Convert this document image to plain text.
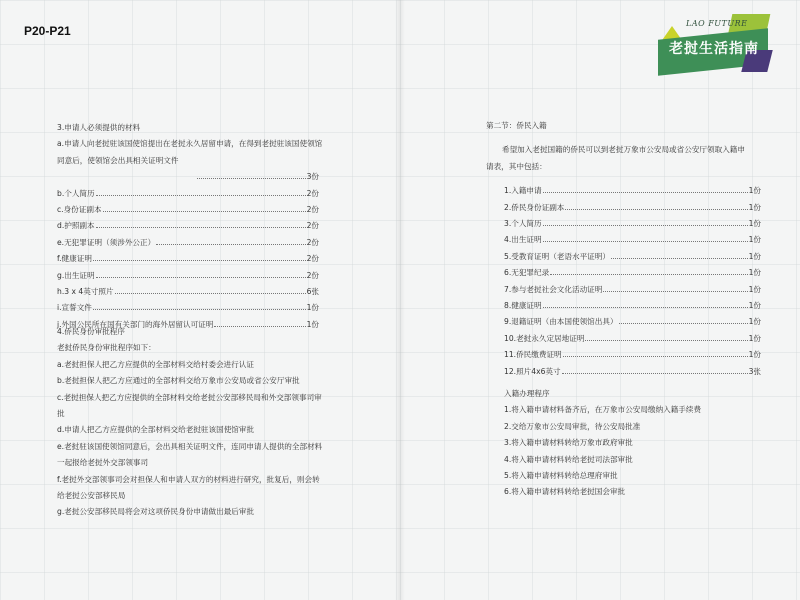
P20-P21
LAO FUTURE
老挝生活指南
3.申请人必须提供的材料
a.申请人向老挝驻该国使馆提出在老挝永久居留申请，在得到老挝驻该国使领馆同意后，使领馆会出具相关证明文件
3份
b.个人简历	2份
c.身份证副本	2份
d.护照副本	2份
e.无犯罪证明（须涉外公正）	2份
f.健康证明	2份
g.出生证明	2份
h.3 x 4英寸照片	6张
i.宣誓文件	1份
j.外国公民所在国有关部门的海外居留认可证明	1份
4.侨民身份审批程序
老挝侨民身份审批程序如下：
a.老挝担保人把乙方应提供的全部材料交给村委会进行认证
b.老挝担保人把乙方应通过的全部材料交给万象市公安局或省公安厅审批
c.老挝担保人把乙方应提供的全部材料交给老挝公安部移民局和外交部领事司审批
d.申请人把乙方应提供的全部材料交给老挝驻该国使馆审批
e.老挝驻该国使领馆同意后，会出具相关证明文件，连同申请人提供的全部材料一起报给老挝外交部领事司
f.老挝外交部领事司会对担保人和申请人双方的材料进行研究，批复后，则会转给老挝公安部移民局
g.老挝公安部移民局将会对这项侨民身份申请做出最后审批
第二节：侨民入籍
希望加入老挝国籍的侨民可以到老挝万象市公安局或省公安厅领取入籍申请表，其中包括：
1.入籍申请	1份
2.侨民身份证副本	1份
3.个人简历	1份
4.出生证明	1份
5.受教育证明（老语水平证明）	1份
6.无犯罪纪录	1份
7.参与老挝社会文化活动证明	1份
8.健康证明	1份
9.退籍证明（由本国使领馆出具）	1份
10.老挝永久定居地证明	1份
11.侨民缴费证明	1份
12.照片4x6英寸	3张
入籍办理程序
1.将入籍申请材料备齐后，在万象市公安局缴纳入籍手续费
2.交给万象市公安局审批，待公安局批准
3.将入籍申请材料转给万象市政府审批
4.将入籍申请材料转给老挝司法部审批
5.将入籍申请材料转给总理府审批
6.将入籍申请材料转给老挝国会审批
